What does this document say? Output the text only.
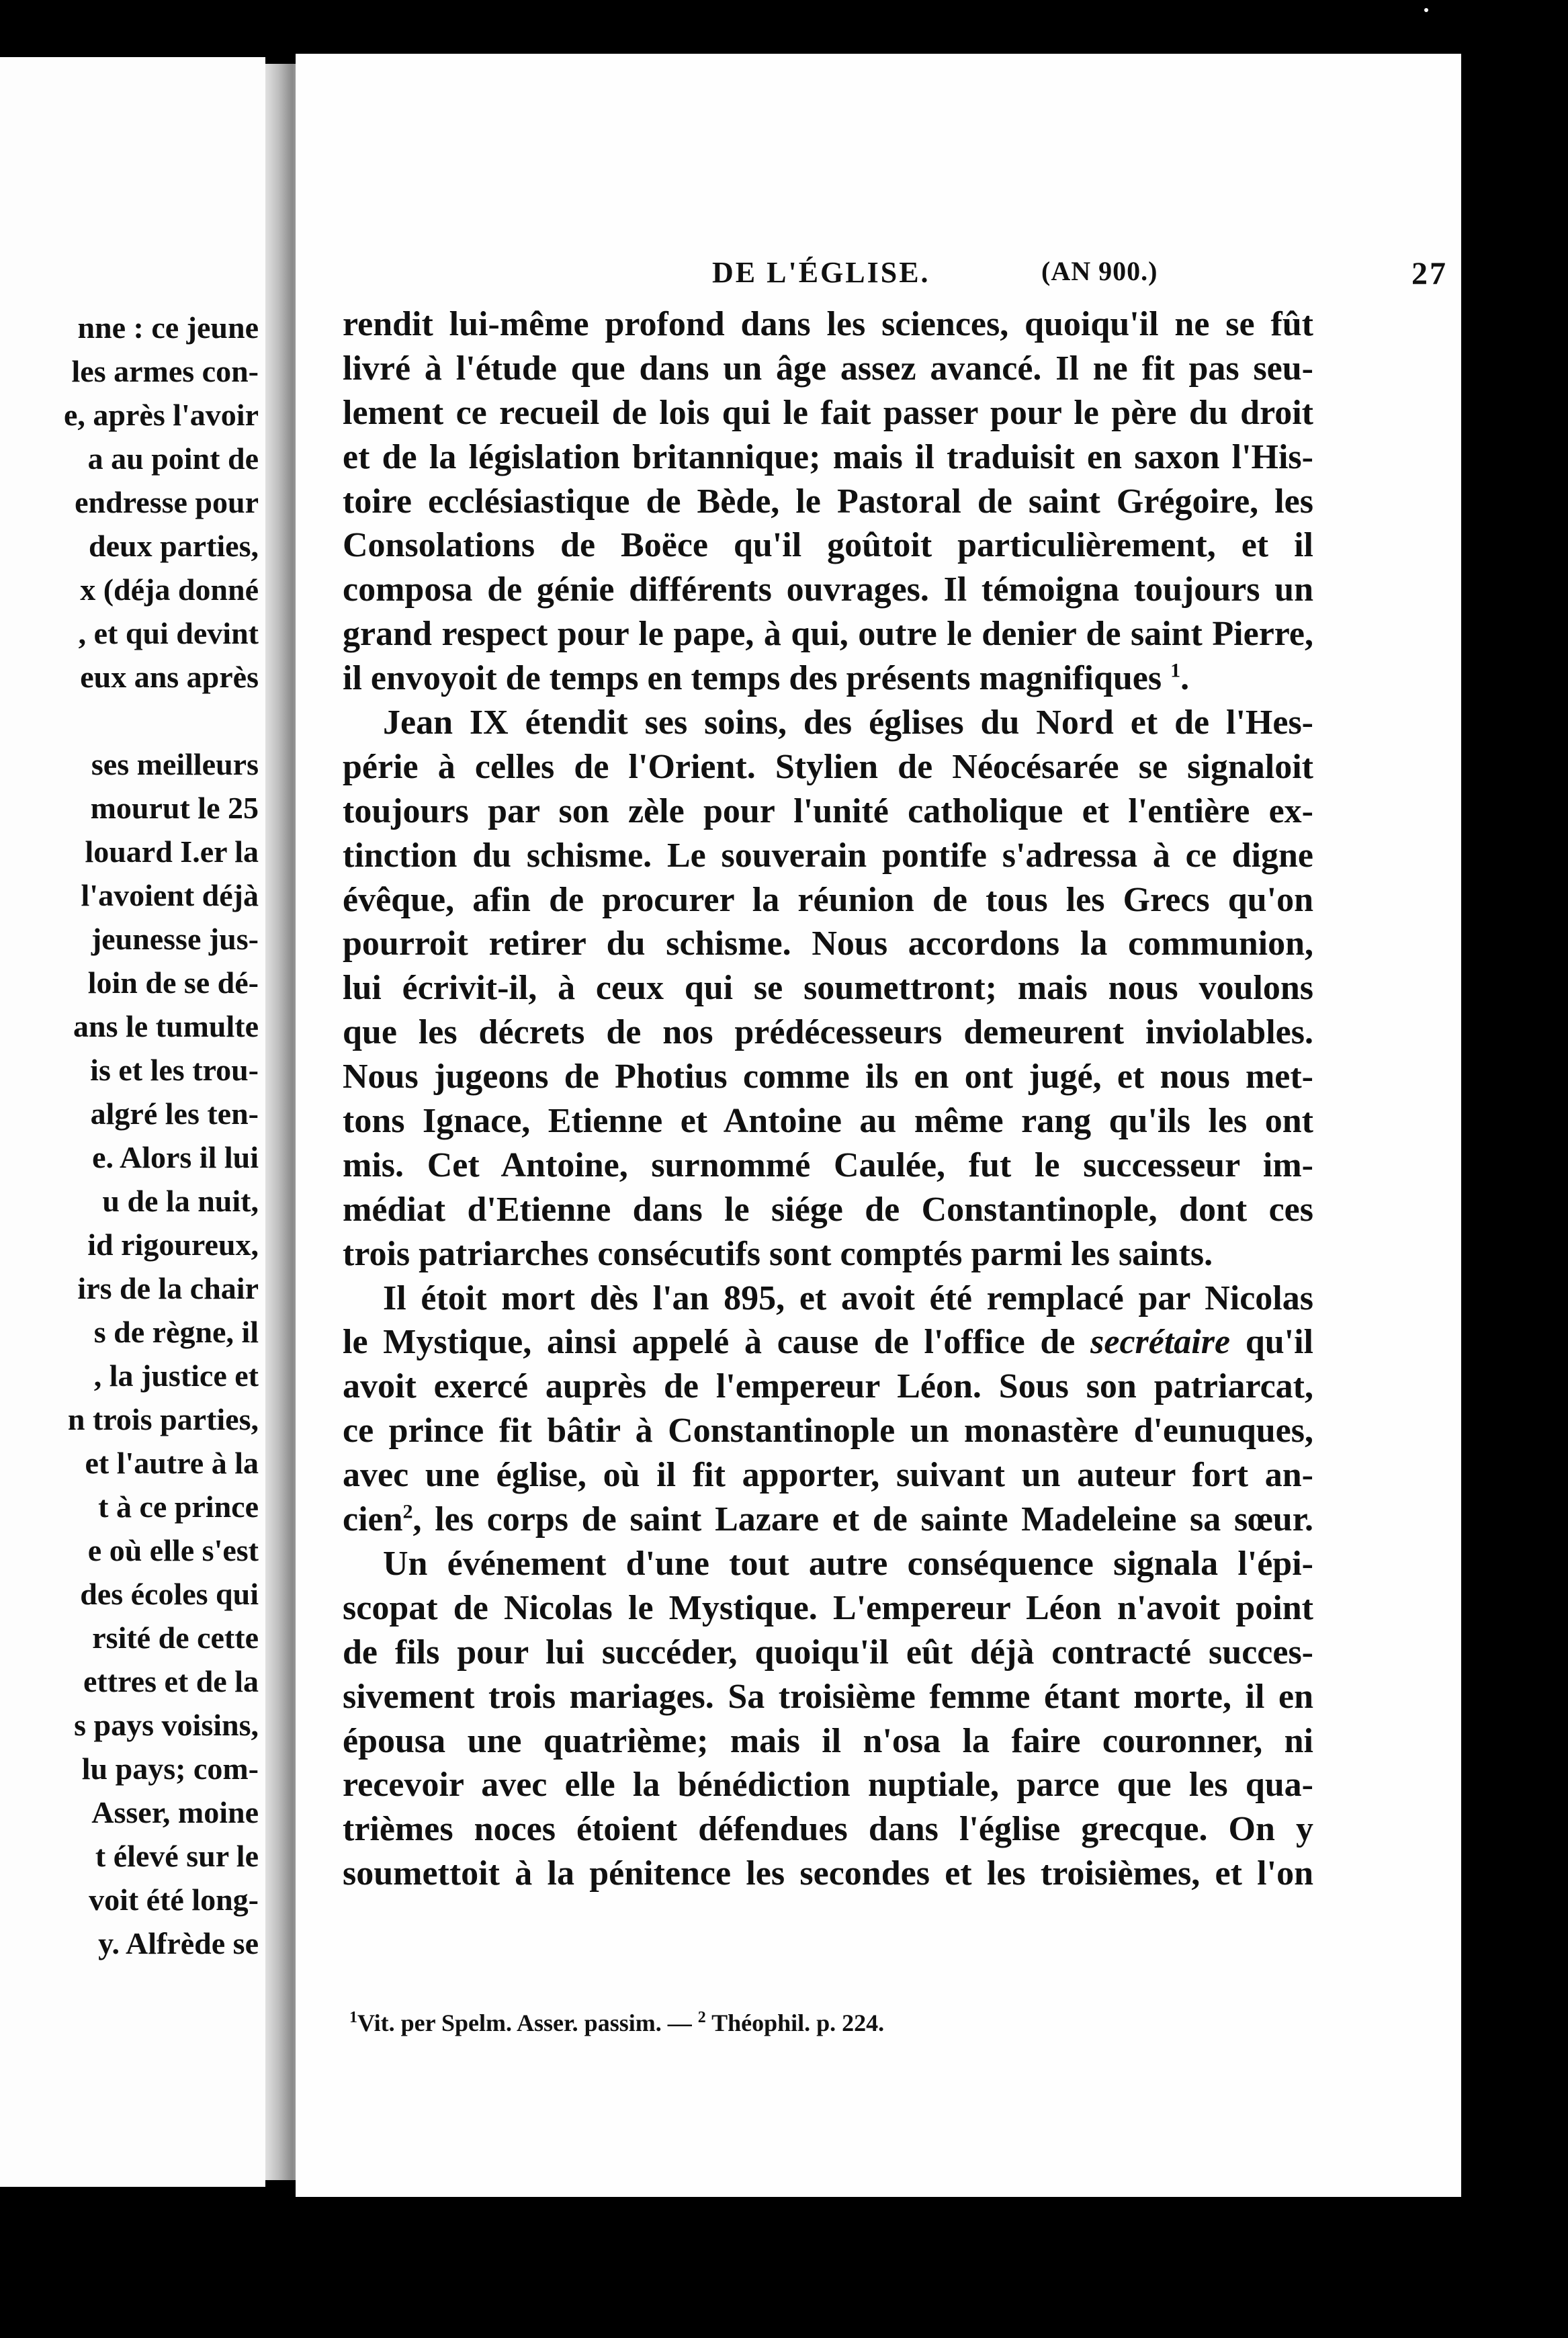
nne : ce jeune
les armes con-
e, après l'avoir
a au point de
endresse pour
deux parties,
x (déja donné
, et qui devint
eux ans après
ses meilleurs
mourut le 25
louard I.er la
l'avoient déjà
jeunesse jus-
loin de se dé-
ans le tumulte
is et les trou-
algré les ten-
e. Alors il lui
u de la nuit,
id rigoureux,
irs de la chair
s de règne, il
, la justice et
n trois parties,
et l'autre à la
t à ce prince
e où elle s'est
des écoles qui
rsité de cette
ettres et de la
s pays voisins,
lu pays; com-
Asser, moine
t élevé sur le
voit été long-
y. Alfrède se
DE L'ÉGLISE.	(AN 900.)	27
rendit lui-même profond dans les sciences, quoiqu'il ne se fût
livré à l'étude que dans un âge assez avancé. Il ne fit pas seu-
lement ce recueil de lois qui le fait passer pour le père du droit
et de la législation britannique; mais il traduisit en saxon l'His-
toire ecclésiastique de Bède, le Pastoral de saint Grégoire, les
Consolations de Boëce qu'il goûtoit particulièrement, et il
composa de génie différents ouvrages. Il témoigna toujours un
grand respect pour le pape, à qui, outre le denier de saint Pierre,
il envoyoit de temps en temps des présents magnifiques $^1$.
Jean IX étendit ses soins, des églises du Nord et de l'Hes-
périe à celles de l'Orient. Stylien de Néocésarée se signaloit
toujours par son zèle pour l'unité catholique et l'entière ex-
tinction du schisme. Le souverain pontife s'adressa à ce digne
évêque, afin de procurer la réunion de tous les Grecs qu'on
pourroit retirer du schisme. Nous accordons la communion,
lui écrivit-il, à ceux qui se soumettront; mais nous voulons
que les décrets de nos prédécesseurs demeurent inviolables.
Nous jugeons de Photius comme ils en ont jugé, et nous met-
tons Ignace, Etienne et Antoine au même rang qu'ils les ont
mis. Cet Antoine, surnommé Caulée, fut le successeur im-
médiat d'Etienne dans le siége de Constantinople, dont ces
trois patriarches consécutifs sont comptés parmi les saints.
Il étoit mort dès l'an 895, et avoit été remplacé par Nicolas
le Mystique, ainsi appelé à cause de l'office de secrétaire qu'il
avoit exercé auprès de l'empereur Léon. Sous son patriarcat,
ce prince fit bâtir à Constantinople un monastère d'eunuques,
avec une église, où il fit apporter, suivant un auteur fort an-
cien$^2$, les corps de saint Lazare et de sainte Madeleine sa sœur.
Un événement d'une tout autre conséquence signala l'épi-
scopat de Nicolas le Mystique. L'empereur Léon n'avoit point
de fils pour lui succéder, quoiqu'il eût déjà contracté succes-
sivement trois mariages. Sa troisième femme étant morte, il en
épousa une quatrième; mais il n'osa la faire couronner, ni
recevoir avec elle la bénédiction nuptiale, parce que les qua-
trièmes noces étoient défendues dans l'église grecque. On y
soumettoit à la pénitence les secondes et les troisièmes, et l'on
$^1$Vit. per Spelm. Asser. passim. — $^2$ Théophil. p. 224.
